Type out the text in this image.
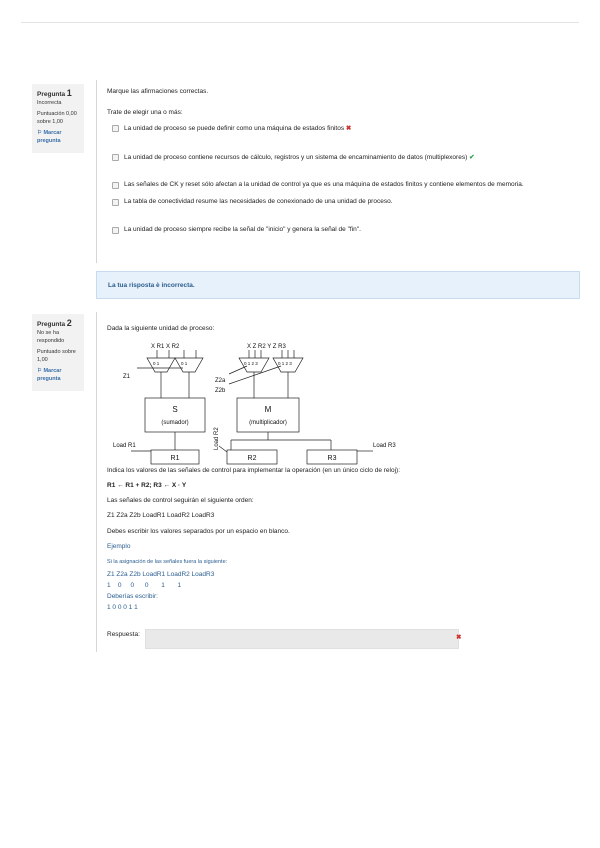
Pregunta 1
Incorrecta
Puntuación 0,00 sobre 1,00
⚐ Marcar pregunta
Marque las afirmaciones correctas.
Trate de elegir una o más:
La unidad de proceso se puede definir como una máquina de estados finitos ✖
La unidad de proceso contiene recursos de cálculo, registros y un sistema de encaminamiento de datos (multiplexores) ✔
Las señales de CK y reset sólo afectan a la unidad de control ya que es una máquina de estados finitos y contiene elementos de memoria.
La tabla de conectividad resume las necesidades de conexionado de una unidad de proceso.
La unidad de proceso siempre recibe la señal de "inicio" y genera la señal de "fin".
La tua risposta è incorrecta.
Pregunta 2
No se ha respondido
Puntuado sobre 1,00
⚐ Marcar pregunta
Dada la siguiente unidad de proceso:
X R1 X R2	X Z R2 Y Z R3
0 1	0 1	0 1 2 3	0 1 2 3
Z1
Z2a
Z2b
S
(sumador)
M
(multiplicador)
Load R1	Load R2	Load R3
R1	R2	R3
Indica los valores de las señales de control para implementar la operación (en un único ciclo de reloj):
R1 ← R1 + R2; R3 ← X · Y
Las señales de control seguirán el siguiente orden:
Z1 Z2a Z2b LoadR1 LoadR2 LoadR3
Debes escribir los valores separados por un espacio en blanco.
Ejemplo
Si la asignación de las señales fuera la siguiente:
Z1 Z2a Z2b LoadR1 LoadR2 LoadR3
1    0     0      0       1       1
Deberías escribir:
1 0 0 0 1 1
Respuesta:	✖
